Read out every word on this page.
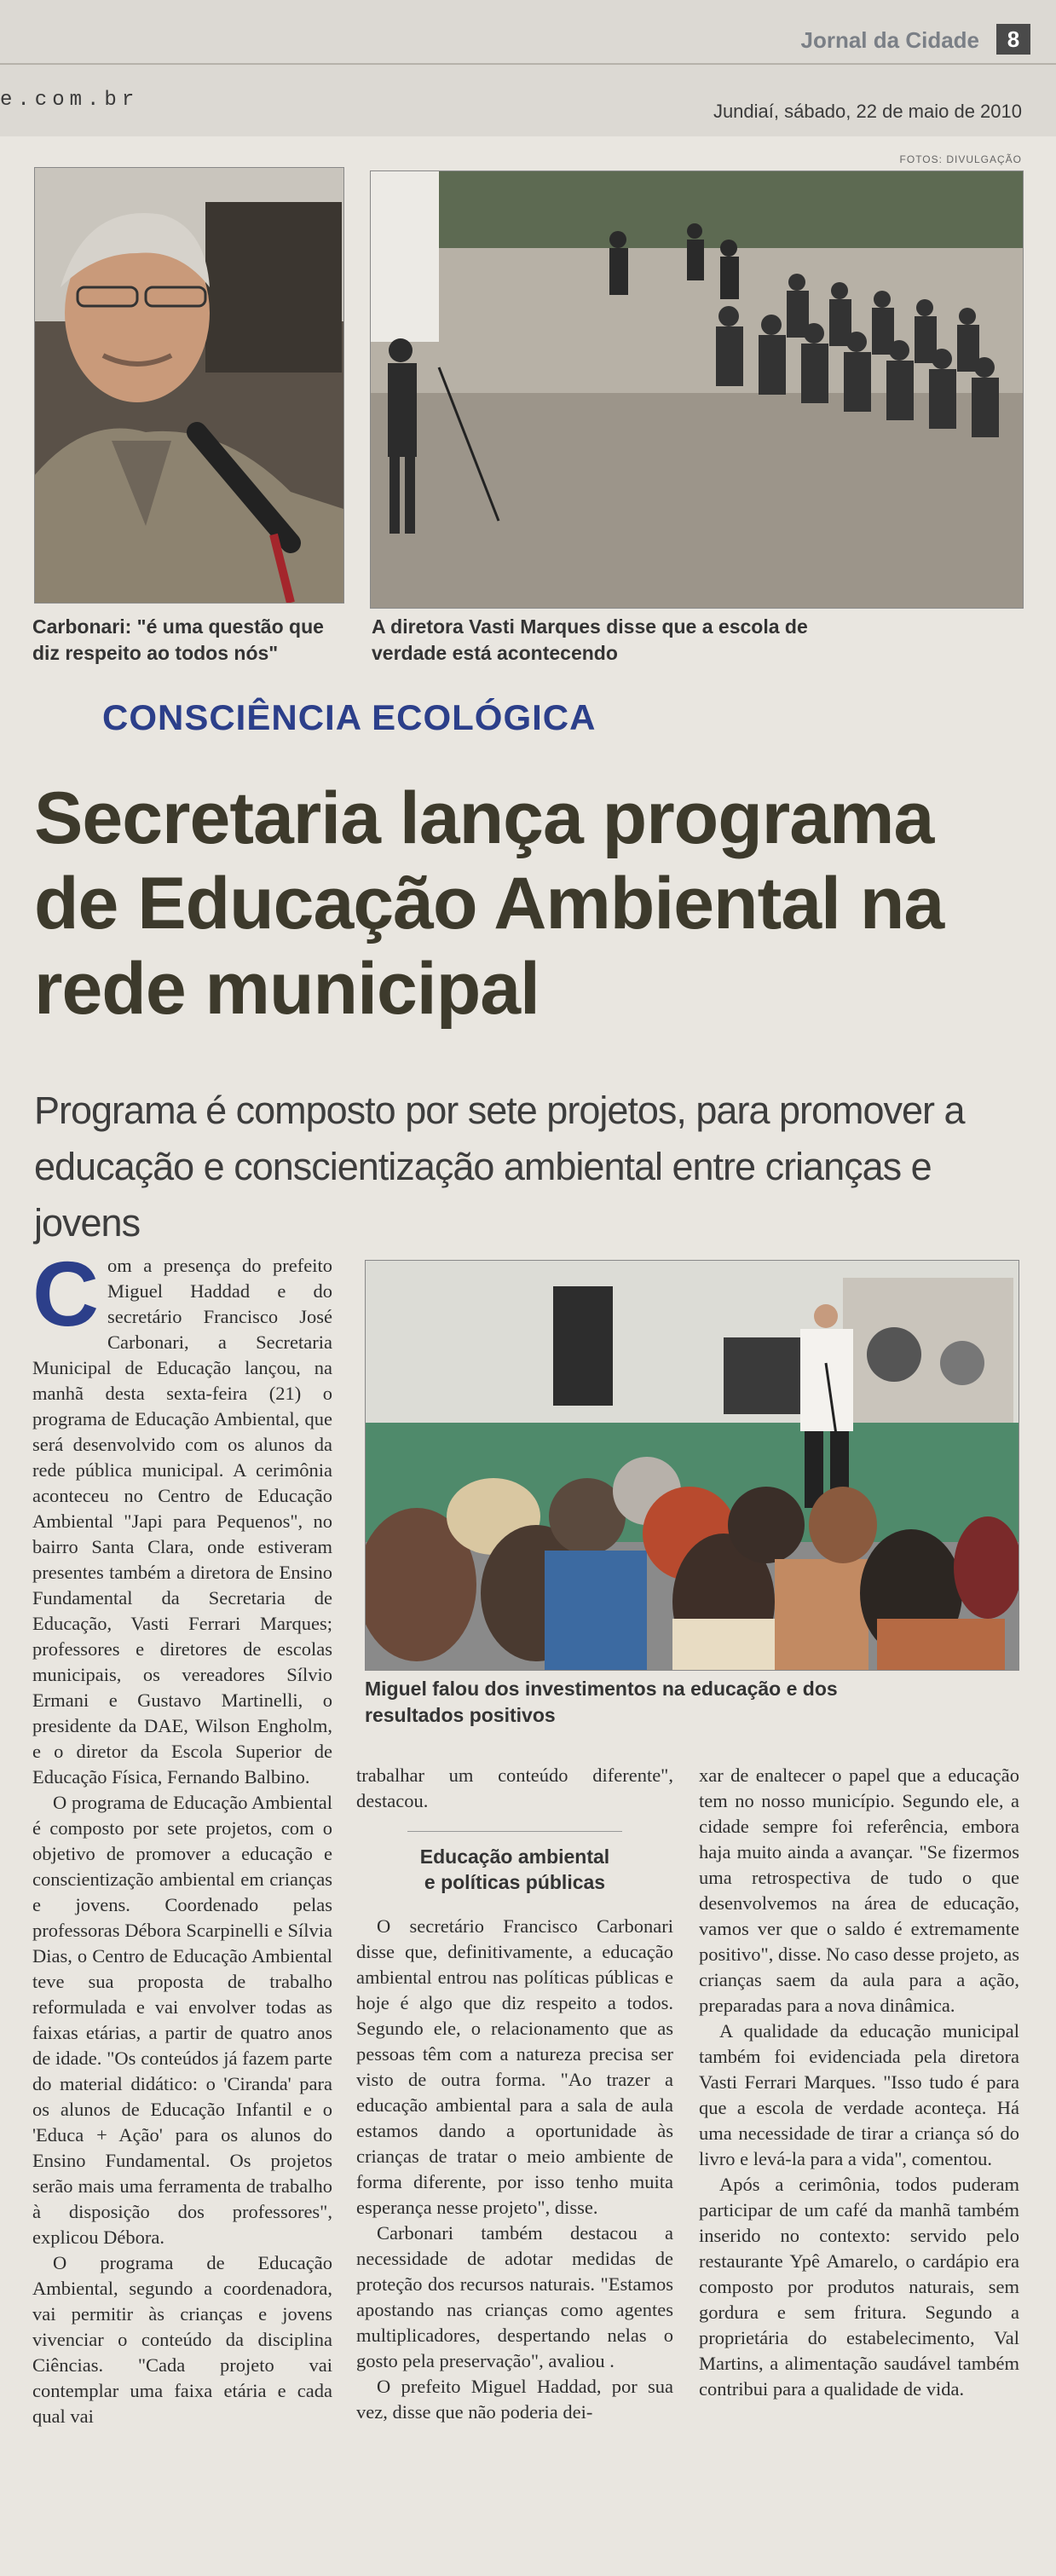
Jornal da Cidade	8
e.com.br	Jundiaí, sábado, 22 de maio de 2010
FOTOS: DIVULGAÇÃO
Carbonari: "é uma questão que diz respeito ao todos nós"
A diretora Vasti Marques disse que a escola de verdade está acontecendo
CONSCIÊNCIA ECOLÓGICA
Secretaria lança programa de Educação Ambiental na rede municipal
Programa é composto por sete projetos, para promover a educação e conscientização ambiental entre crianças e jovens
C om a presença do prefeito Miguel Haddad e do secretário Francisco José Carbonari, a Secretaria Municipal de Educação lançou, na manhã desta sexta-feira (21) o programa de Educação Ambiental, que será desenvolvido com os alunos da rede pública municipal. A cerimônia aconteceu no Centro de Educação Ambiental "Japi para Pequenos", no bairro Santa Clara, onde estiveram presentes também a diretora de Ensino Fundamental da Secretaria de Educação, Vasti Ferrari Marques; professores e diretores de escolas municipais, os vereadores Sílvio Ermani e Gustavo Martinelli, o presidente da DAE, Wilson Engholm, e o diretor da Escola Superior de Educação Física, Fernando Balbino.

O programa de Educação Ambiental é composto por sete projetos, com o objetivo de promover a educação e conscientização ambiental em crianças e jovens. Coordenado pelas professoras Débora Scarpinelli e Sílvia Dias, o Centro de Educação Ambiental teve sua proposta de trabalho reformulada e vai envolver todas as faixas etárias, a partir de quatro anos de idade. "Os conteúdos já fazem parte do material didático: o 'Ciranda' para os alunos de Educação Infantil e o 'Educa + Ação' para os alunos do Ensino Fundamental. Os projetos serão mais uma ferramenta de trabalho à disposição dos professores", explicou Débora.

O programa de Educação Ambiental, segundo a coordenadora, vai permitir às crianças e jovens vivenciar o conteúdo da disciplina Ciências. "Cada projeto vai contemplar uma faixa etária e cada qual vai

Miguel falou dos investimentos na educação e dos resultados positivos

trabalhar um conteúdo diferente", destacou.

Educação ambiental
e políticas públicas

O secretário Francisco Carbonari disse que, definitivamente, a educação ambiental entrou nas políticas públicas e hoje é algo que diz respeito a todos. Segundo ele, o relacionamento que as pessoas têm com a natureza precisa ser visto de outra forma. "Ao trazer a educação ambiental para a sala de aula estamos dando a oportunidade às crianças de tratar o meio ambiente de forma diferente, por isso tenho muita esperança nesse projeto", disse.

Carbonari também destacou a necessidade de adotar medidas de proteção dos recursos naturais. "Estamos apostando nas crianças como agentes multiplicadores, despertando nelas o gosto pela preservação", avaliou .

O prefeito Miguel Haddad, por sua vez, disse que não poderia dei-

xar de enaltecer o papel que a educação tem no nosso município. Segundo ele, a cidade sempre foi referência, embora haja muito ainda a avançar. "Se fizermos uma retrospectiva de tudo o que desenvolvemos na área de educação, vamos ver que o saldo é extremamente positivo", disse. No caso desse projeto, as crianças saem da aula para a ação, preparadas para a nova dinâmica.

A qualidade da educação municipal também foi evidenciada pela diretora Vasti Ferrari Marques. "Isso tudo é para que a escola de verdade aconteça. Há uma necessidade de tirar a criança só do livro e levá-la para a vida", comentou.

Após a cerimônia, todos puderam participar de um café da manhã também inserido no contexto: servido pelo restaurante Ypê Amarelo, o cardápio era composto por produtos naturais, sem gordura e sem fritura. Segundo a proprietária do estabelecimento, Val Martins, a alimentação saudável também contribui para a qualidade de vida.
